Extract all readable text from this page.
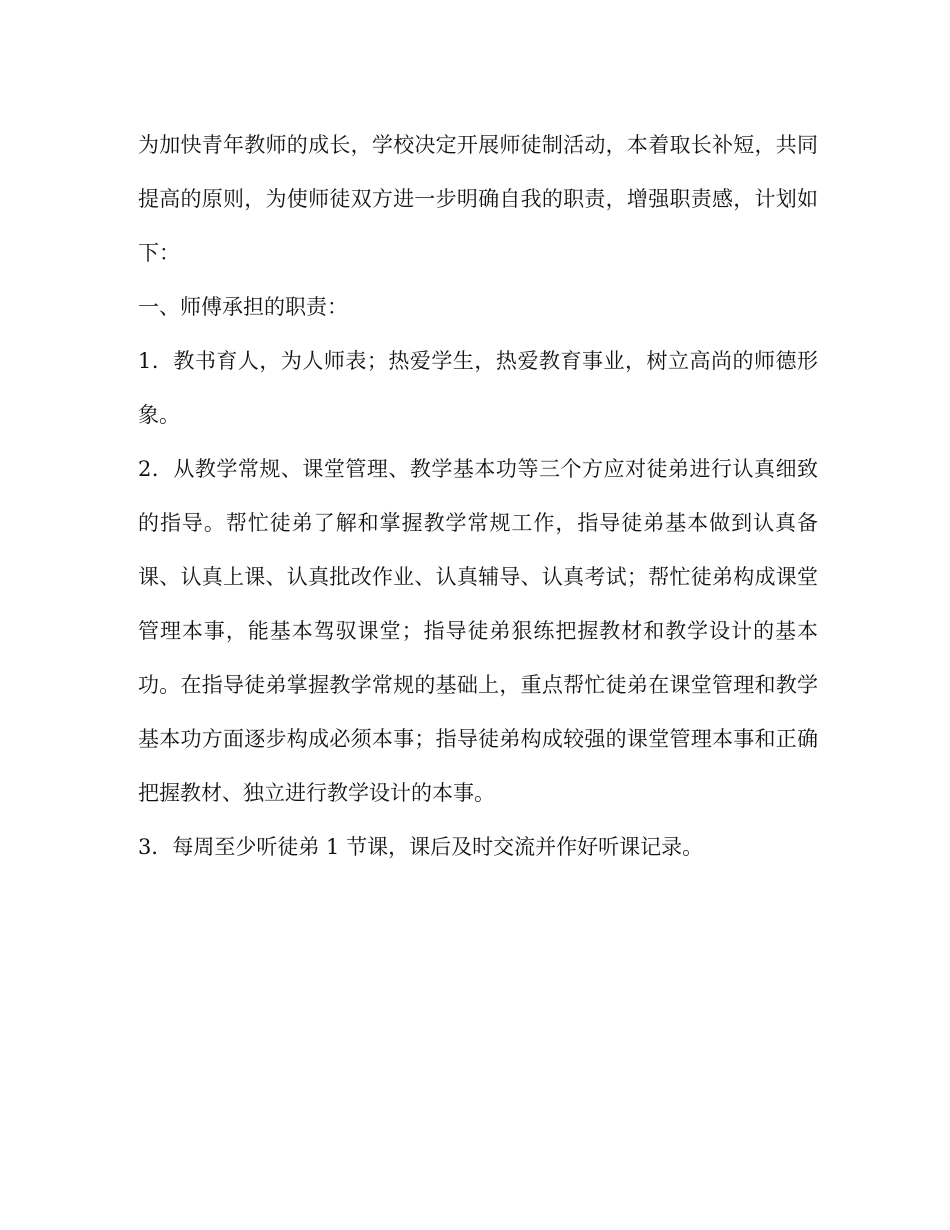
为加快青年教师的成长，学校决定开展师徒制活动，本着取长补短，共同提高的原则，为使师徒双方进一步明确自我的职责，增强职责感，计划如下：

一、师傅承担的职责：

1．教书育人，为人师表；热爱学生，热爱教育事业，树立高尚的师德形象。

2．从教学常规、课堂管理、教学基本功等三个方应对徒弟进行认真细致的指导。帮忙徒弟了解和掌握教学常规工作，指导徒弟基本做到认真备课、认真上课、认真批改作业、认真辅导、认真考试；帮忙徒弟构成课堂管理本事，能基本驾驭课堂；指导徒弟狠练把握教材和教学设计的基本功。在指导徒弟掌握教学常规的基础上，重点帮忙徒弟在课堂管理和教学基本功方面逐步构成必须本事；指导徒弟构成较强的课堂管理本事和正确把握教材、独立进行教学设计的本事。

3．每周至少听徒弟 1 节课，课后及时交流并作好听课记录。
